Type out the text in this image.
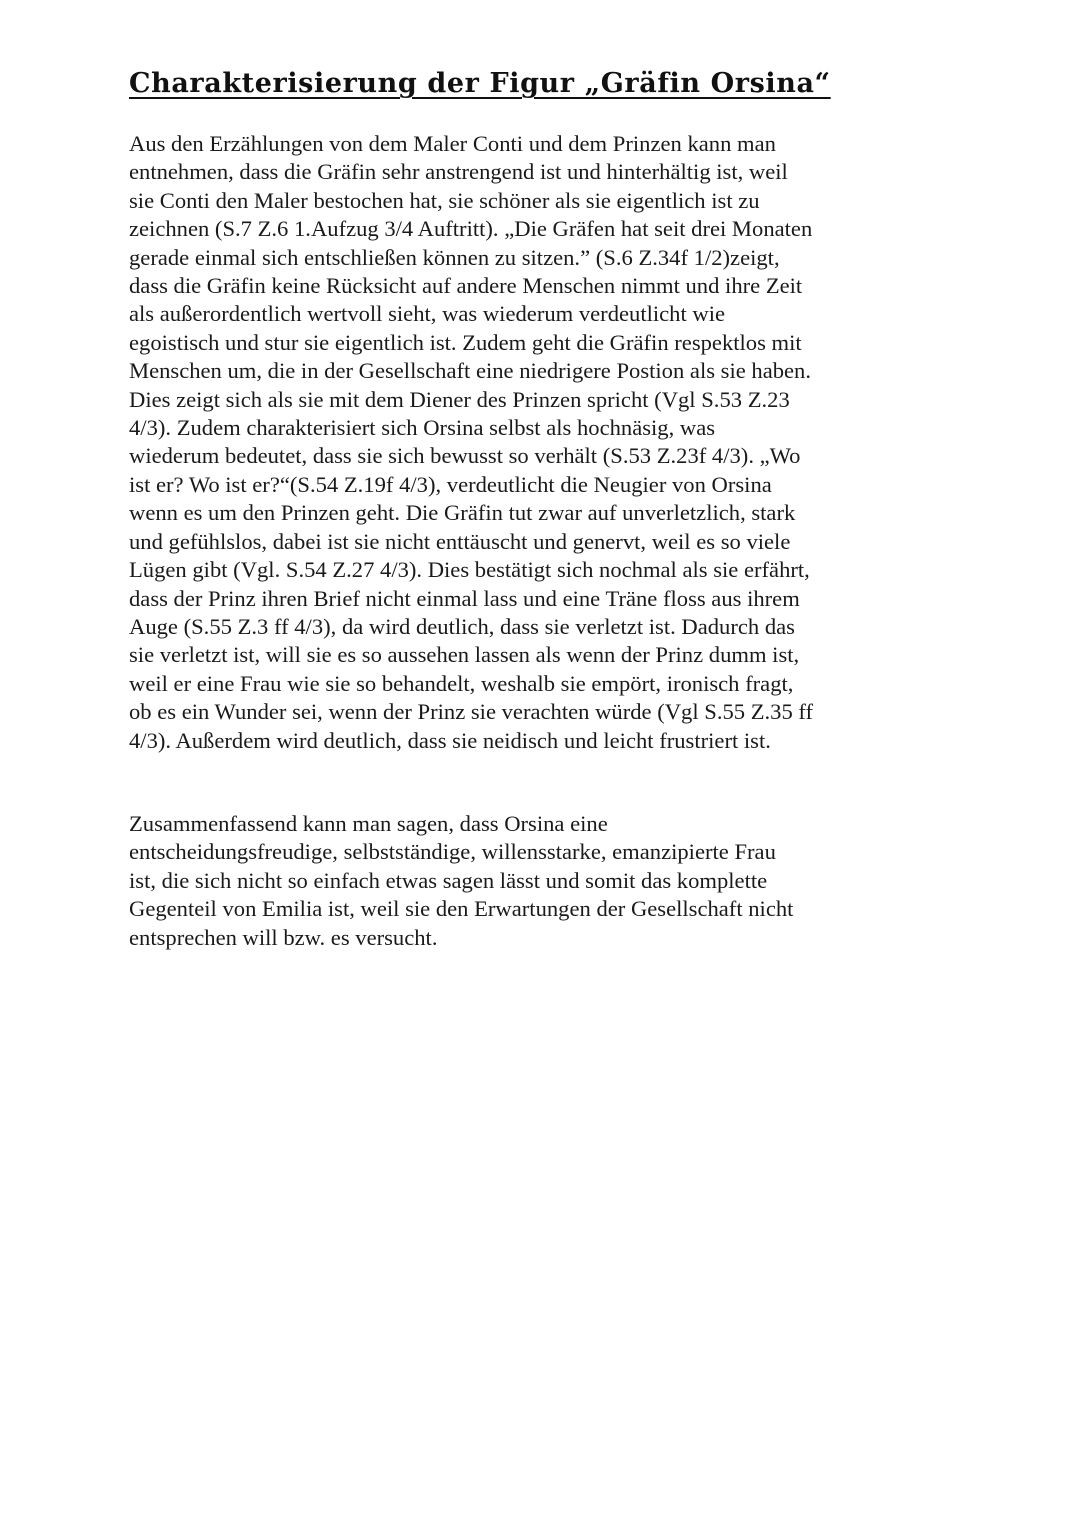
Charakterisierung der Figur „Gräfin Orsina“
Aus den Erzählungen von dem Maler Conti und dem Prinzen kann man
entnehmen, dass die Gräfin sehr anstrengend ist und hinterhältig ist, weil
sie Conti den Maler bestochen hat, sie schöner als sie eigentlich ist zu
zeichnen (S.7 Z.6 1.Aufzug 3/4 Auftritt). „Die Gräfen hat seit drei Monaten
gerade einmal sich entschließen können zu sitzen.” (S.6 Z.34f 1/2)zeigt,
dass die Gräfin keine Rücksicht auf andere Menschen nimmt und ihre Zeit
als außerordentlich wertvoll sieht, was wiederum verdeutlicht wie
egoistisch und stur sie eigentlich ist. Zudem geht die Gräfin respektlos mit
Menschen um, die in der Gesellschaft eine niedrigere Postion als sie haben.
Dies zeigt sich als sie mit dem Diener des Prinzen spricht (Vgl S.53 Z.23
4/3). Zudem charakterisiert sich Orsina selbst als hochnäsig, was
wiederum bedeutet, dass sie sich bewusst so verhält (S.53 Z.23f 4/3). „Wo
ist er? Wo ist er?“(S.54 Z.19f 4/3), verdeutlicht die Neugier von Orsina
wenn es um den Prinzen geht. Die Gräfin tut zwar auf unverletzlich, stark
und gefühlslos, dabei ist sie nicht enttäuscht und genervt, weil es so viele
Lügen gibt (Vgl. S.54 Z.27 4/3). Dies bestätigt sich nochmal als sie erfährt,
dass der Prinz ihren Brief nicht einmal lass und eine Träne floss aus ihrem
Auge (S.55 Z.3 ff 4/3), da wird deutlich, dass sie verletzt ist. Dadurch das
sie verletzt ist, will sie es so aussehen lassen als wenn der Prinz dumm ist,
weil er eine Frau wie sie so behandelt, weshalb sie empört, ironisch fragt,
ob es ein Wunder sei, wenn der Prinz sie verachten würde (Vgl S.55 Z.35 ff
4/3). Außerdem wird deutlich, dass sie neidisch und leicht frustriert ist.
Zusammenfassend kann man sagen, dass Orsina eine
entscheidungsfreudige, selbstständige, willensstarke, emanzipierte Frau
ist, die sich nicht so einfach etwas sagen lässt und somit das komplette
Gegenteil von Emilia ist, weil sie den Erwartungen der Gesellschaft nicht
entsprechen will bzw. es versucht.
